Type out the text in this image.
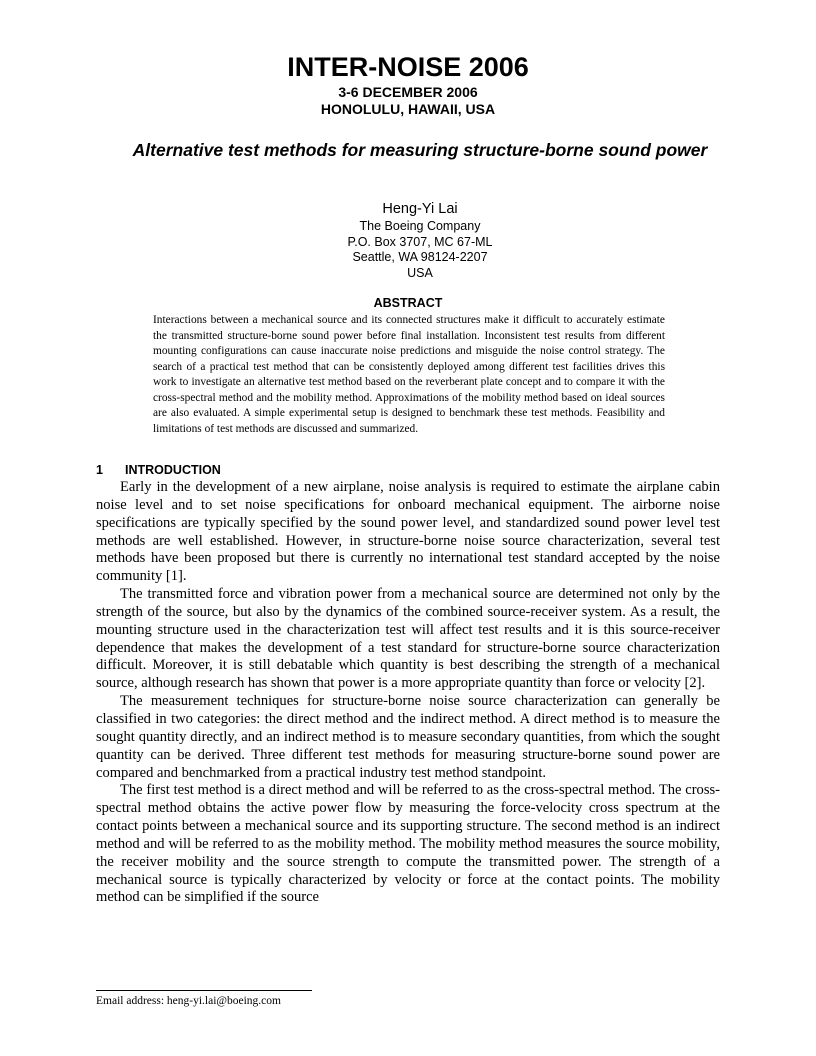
INTER-NOISE 2006
3-6 DECEMBER 2006
HONOLULU, HAWAII, USA
Alternative test methods for measuring structure-borne sound power
Heng-Yi Lai
The Boeing Company
P.O. Box 3707, MC 67-ML
Seattle, WA 98124-2207
USA
ABSTRACT
Interactions between a mechanical source and its connected structures make it difficult to accurately estimate the transmitted structure-borne sound power before final installation. Inconsistent test results from different mounting configurations can cause inaccurate noise predictions and misguide the noise control strategy. The search of a practical test method that can be consistently deployed among different test facilities drives this work to investigate an alternative test method based on the reverberant plate concept and to compare it with the cross-spectral method and the mobility method. Approximations of the mobility method based on ideal sources are also evaluated. A simple experimental setup is designed to benchmark these test methods. Feasibility and limitations of test methods are discussed and summarized.
1 INTRODUCTION

Early in the development of a new airplane, noise analysis is required to estimate the airplane cabin noise level and to set noise specifications for onboard mechanical equipment. The airborne noise specifications are typically specified by the sound power level, and standardized sound power level test methods are well established. However, in structure-borne noise source characterization, several test methods have been proposed but there is currently no international test standard accepted by the noise community [1].

The transmitted force and vibration power from a mechanical source are determined not only by the strength of the source, but also by the dynamics of the combined source-receiver system. As a result, the mounting structure used in the characterization test will affect test results and it is this source-receiver dependence that makes the development of a test standard for structure-borne source characterization difficult. Moreover, it is still debatable which quantity is best describing the strength of a mechanical source, although research has shown that power is a more appropriate quantity than force or velocity [2].

The measurement techniques for structure-borne noise source characterization can generally be classified in two categories: the direct method and the indirect method. A direct method is to measure the sought quantity directly, and an indirect method is to measure secondary quantities, from which the sought quantity can be derived. Three different test methods for measuring structure-borne sound power are compared and benchmarked from a practical industry test method standpoint.

The first test method is a direct method and will be referred to as the cross-spectral method. The cross-spectral method obtains the active power flow by measuring the force-velocity cross spectrum at the contact points between a mechanical source and its supporting structure. The second method is an indirect method and will be referred to as the mobility method. The mobility method measures the source mobility, the receiver mobility and the source strength to compute the transmitted power. The strength of a mechanical source is typically characterized by velocity or force at the contact points. The mobility method can be simplified if the source

Email address: heng-yi.lai@boeing.com
